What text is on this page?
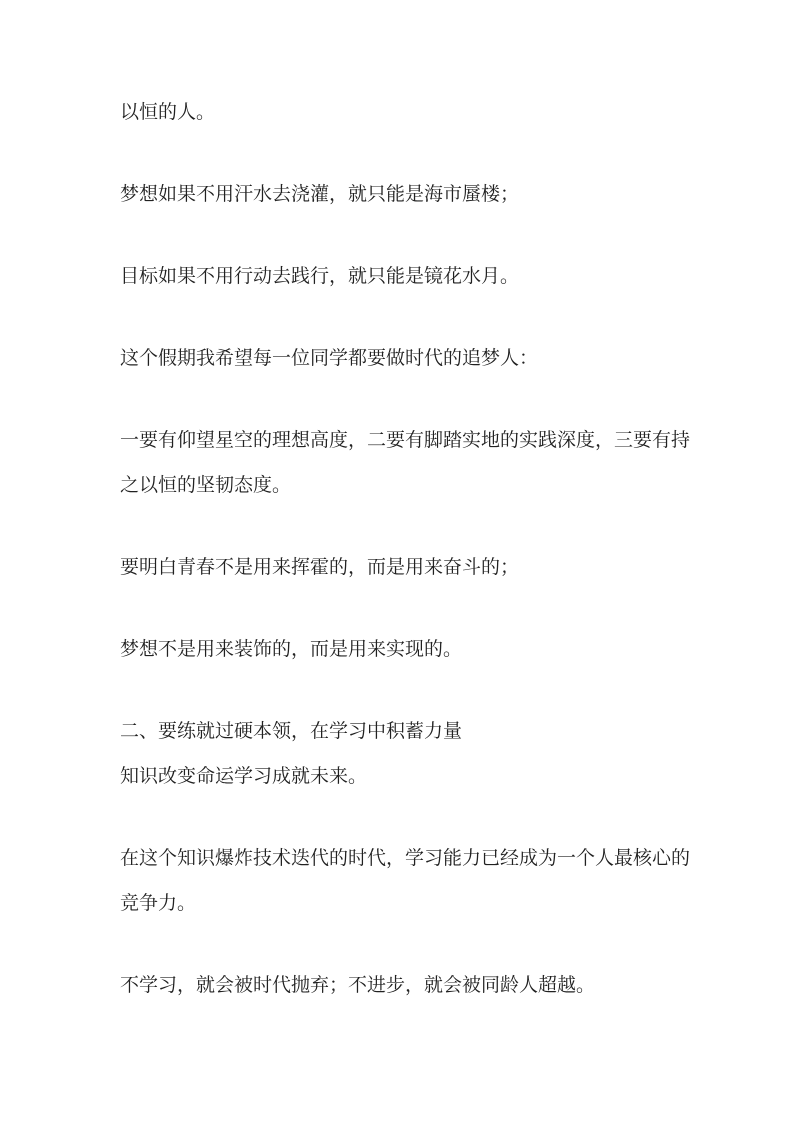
以恒的人。

梦想如果不用汗水去浇灌，就只能是海市蜃楼；

目标如果不用行动去践行，就只能是镜花水月。

这个假期我希望每一位同学都要做时代的追梦人：

一要有仰望星空的理想高度，二要有脚踏实地的实践深度，三要有持之以恒的坚韧态度。

要明白青春不是用来挥霍的，而是用来奋斗的；

梦想不是用来装饰的，而是用来实现的。

二、要练就过硬本领，在学习中积蓄力量

知识改变命运学习成就未来。

在这个知识爆炸技术迭代的时代，学习能力已经成为一个人最核心的竞争力。

不学习，就会被时代抛弃；不进步，就会被同龄人超越。
